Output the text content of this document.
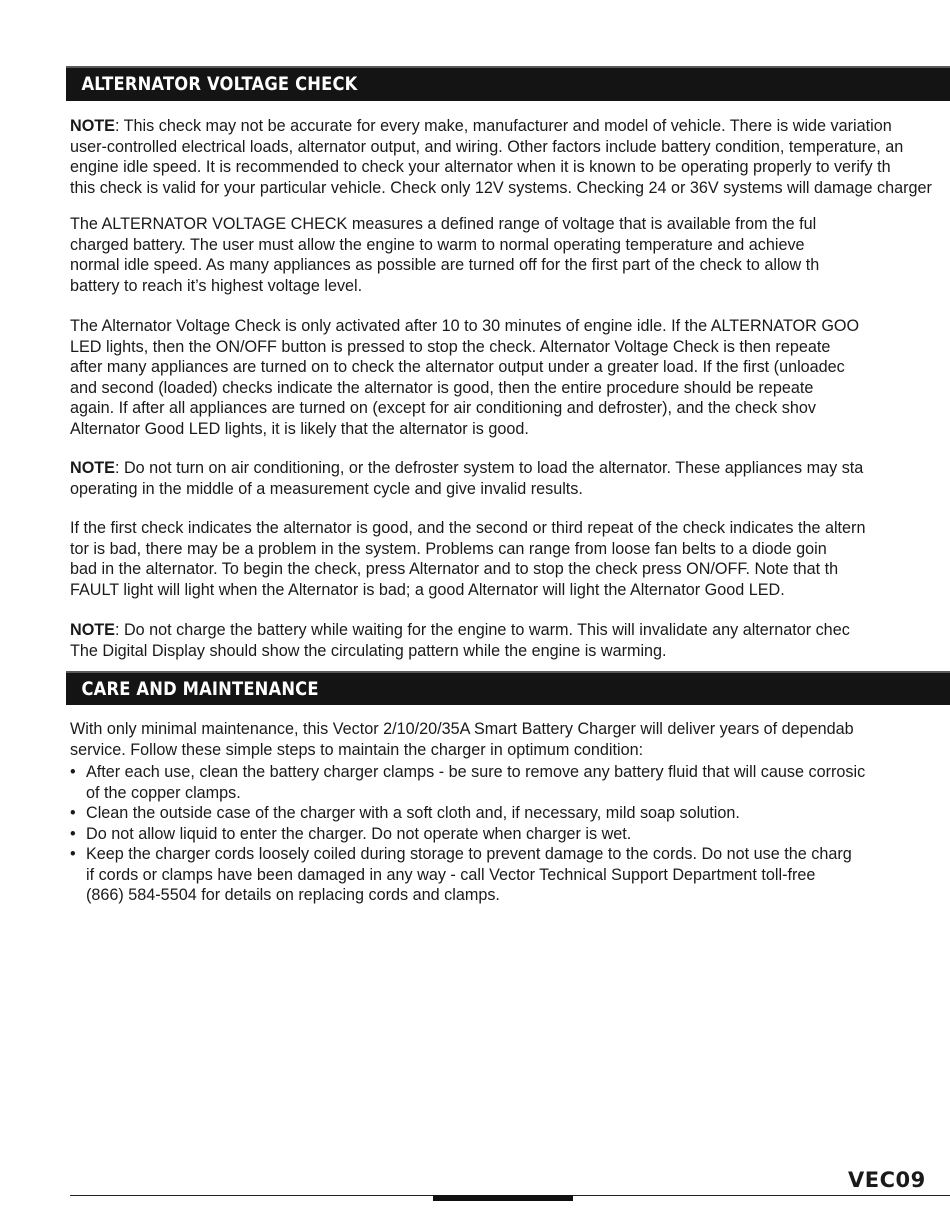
ALTERNATOR VOLTAGE CHECK

NOTE: This check may not be accurate for every make, manufacturer and model of vehicle. There is wide variation
user-controlled electrical loads, alternator output, and wiring. Other factors include battery condition, temperature, an
engine idle speed. It is recommended to check your alternator when it is known to be operating properly to verify th
this check is valid for your particular vehicle. Check only 12V systems. Checking 24 or 36V systems will damage charger

The ALTERNATOR VOLTAGE CHECK measures a defined range of voltage that is available from the ful
charged battery. The user must allow the engine to warm to normal operating temperature and achieve
normal idle speed. As many appliances as possible are turned off for the first part of the check to allow th
battery to reach it’s highest voltage level.

The Alternator Voltage Check is only activated after 10 to 30 minutes of engine idle. If the ALTERNATOR GOO
LED lights, then the ON/OFF button is pressed to stop the check. Alternator Voltage Check is then repeate
after many appliances are turned on to check the alternator output under a greater load. If the first (unloadec
and second (loaded) checks indicate the alternator is good, then the entire procedure should be repeate
again. If after all appliances are turned on (except for air conditioning and defroster), and the check shov
Alternator Good LED lights, it is likely that the alternator is good.

NOTE: Do not turn on air conditioning, or the defroster system to load the alternator. These appliances may sta
operating in the middle of a measurement cycle and give invalid results.

If the first check indicates the alternator is good, and the second or third repeat of the check indicates the altern
tor is bad, there may be a problem in the system. Problems can range from loose fan belts to a diode goin
bad in the alternator. To begin the check, press Alternator and to stop the check press ON/OFF. Note that th
FAULT light will light when the Alternator is bad; a good Alternator will light the Alternator Good LED.

NOTE: Do not charge the battery while waiting for the engine to warm. This will invalidate any alternator chec
The Digital Display should show the circulating pattern while the engine is warming.

CARE AND MAINTENANCE

With only minimal maintenance, this Vector 2/10/20/35A Smart Battery Charger will deliver years of dependab
service. Follow these simple steps to maintain the charger in optimum condition:

• After each use, clean the battery charger clamps - be sure to remove any battery fluid that will cause corrosic
of the copper clamps.
• Clean the outside case of the charger with a soft cloth and, if necessary, mild soap solution.
• Do not allow liquid to enter the charger. Do not operate when charger is wet.
• Keep the charger cords loosely coiled during storage to prevent damage to the cords. Do not use the charg
if cords or clamps have been damaged in any way - call Vector Technical Support Department toll-free
(866) 584-5504 for details on replacing cords and clamps.
VEC09
